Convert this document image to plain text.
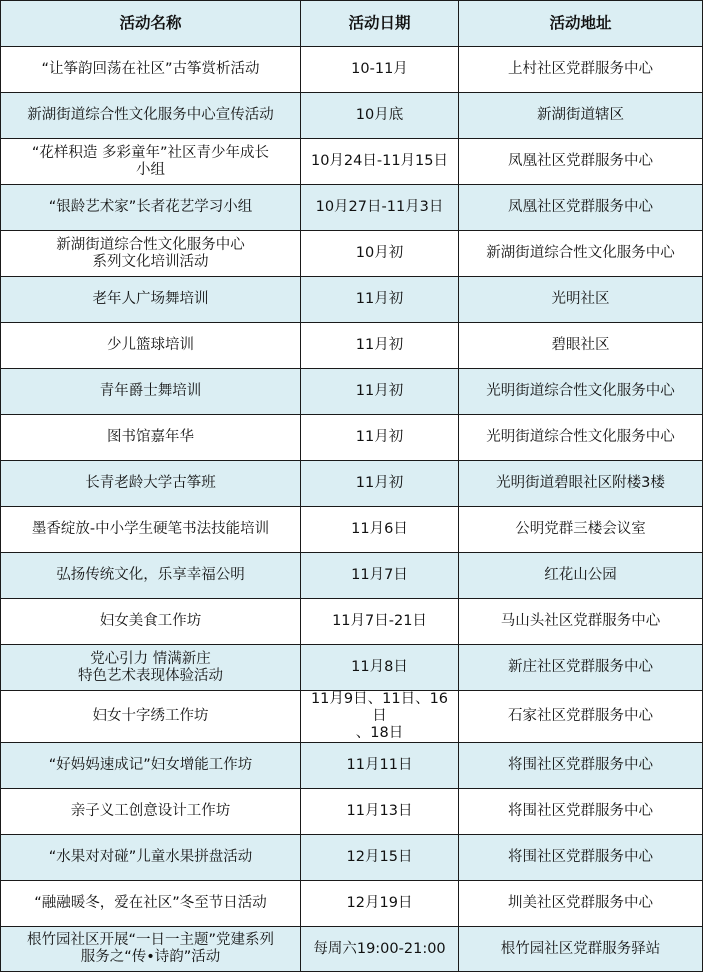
活动名称	活动日期	活动地址

“让筝韵回荡在社区”古筝赏析活动	10-11月	上村社区党群服务中心

新湖街道综合性文化服务中心宣传活动	10月底	新湖街道辖区

“花样积造 多彩童年”社区青少年成长
小组	10月24日-11月15日	凤凰社区党群服务中心

“银龄艺术家”长者花艺学习小组	10月27日-11月3日	凤凰社区党群服务中心

新湖街道综合性文化服务中心
系列文化培训活动	10月初	新湖街道综合性文化服务中心

老年人广场舞培训	11月初	光明社区

少儿篮球培训	11月初	碧眼社区

青年爵士舞培训	11月初	光明街道综合性文化服务中心

图书馆嘉年华	11月初	光明街道综合性文化服务中心

长青老龄大学古筝班	11月初	光明街道碧眼社区附楼3楼

墨香绽放-中小学生硬笔书法技能培训	11月6日	公明党群三楼会议室

弘扬传统文化，乐享幸福公明	11月7日	红花山公园

妇女美食工作坊	11月7日-21日	马山头社区党群服务中心

党心引力 情满新庄
特色艺术表现体验活动	11月8日	新庄社区党群服务中心

妇女十字绣工作坊	11月9日、11日、16日
、18日	石家社区党群服务中心

“好妈妈速成记”妇女增能工作坊	11月11日	将围社区党群服务中心

亲子义工创意设计工作坊	11月13日	将围社区党群服务中心

“水果对对碰”儿童水果拼盘活动	12月15日	将围社区党群服务中心

“融融暖冬，爱在社区”冬至节日活动	12月19日	圳美社区党群服务中心

根竹园社区开展“一日一主题”党建系列
服务之“传•诗韵”活动	每周六19:00-21:00	根竹园社区党群服务驿站
